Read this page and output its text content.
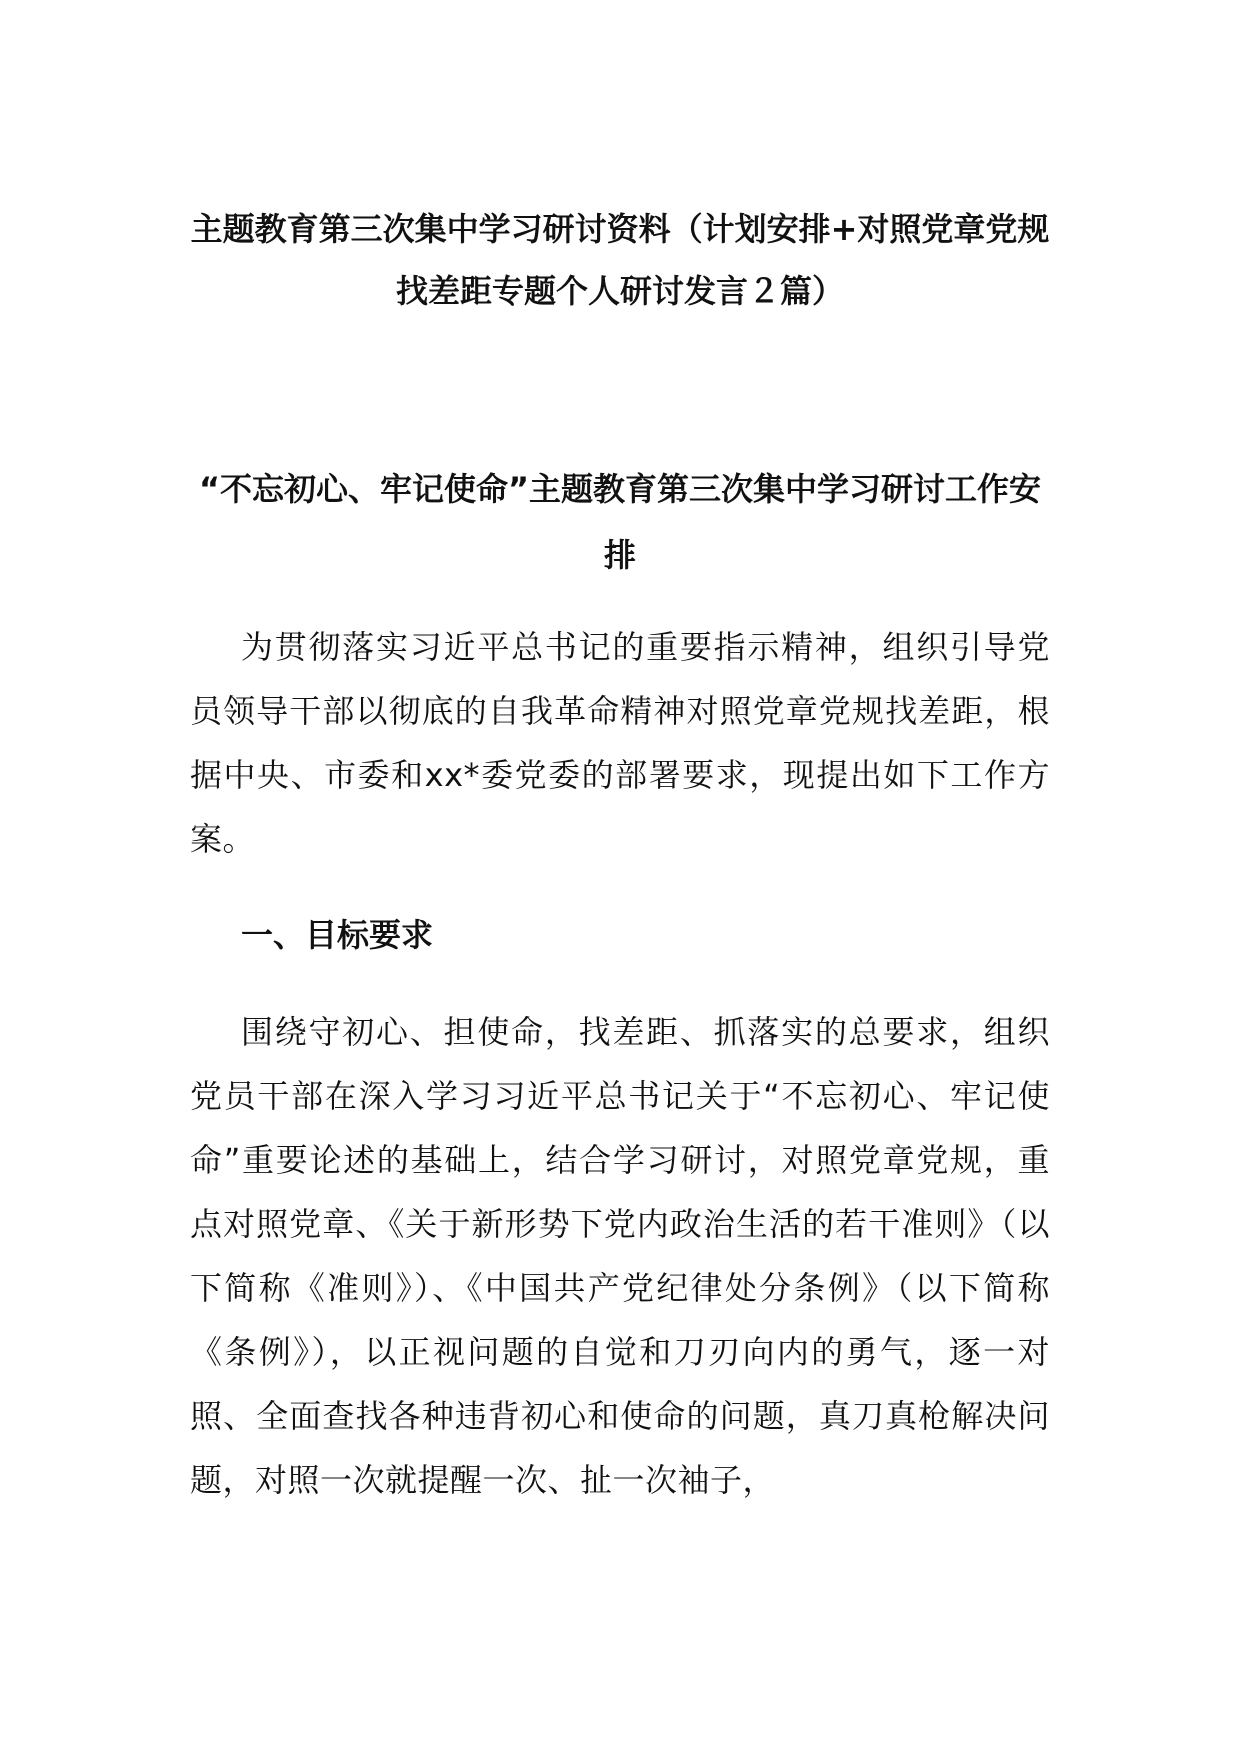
主题教育第三次集中学习研讨资料（计划安排+对照党章党规找差距专题个人研讨发言２篇）
“不忘初心、牢记使命”主题教育第三次集中学习研讨工作安排

为贯彻落实习近平总书记的重要指示精神，组织引导党员领导干部以彻底的自我革命精神对照党章党规找差距，根据中央、市委和xx*委党委的部署要求，现提出如下工作方案。

一、目标要求

围绕守初心、担使命，找差距、抓落实的总要求，组织党员干部在深入学习习近平总书记关于“不忘初心、牢记使命”重要论述的基础上，结合学习研讨，对照党章党规，重点对照党章、《关于新形势下党内政治生活的若干准则》（以下简称《准则》）、《中国共产党纪律处分条例》（以下简称《条例》），以正视问题的自觉和刀刃向内的勇气，逐一对照、全面查找各种违背初心和使命的问题，真刀真枪解决问题，对照一次就提醒一次、扯一次袖子，
